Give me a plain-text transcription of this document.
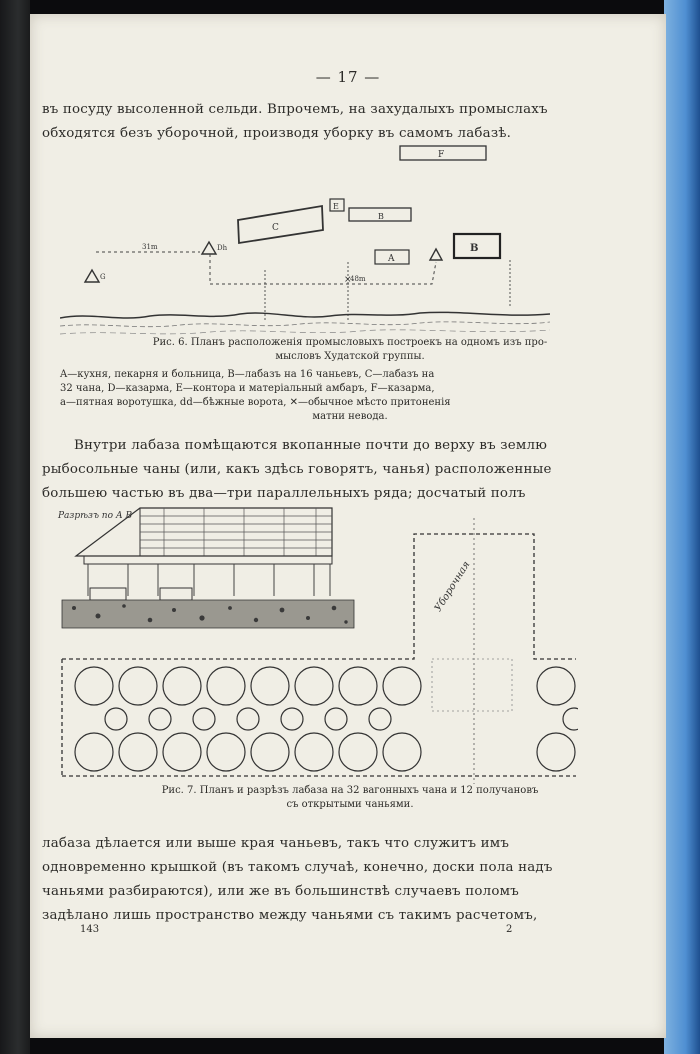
— 17 —
въ посуду высоленной сельди. Впрочемъ, на захудалыхъ промыслахъ
обходятся безъ уборочной, производя уборку въ самомъ лабазѣ.
F
E
C
B
A
B
G
Dh
31m
48m
×
Рис. 6. Планъ расположенія промысловыхъ построекъ на одномъ изъ про-
мысловъ Худатской группы.
A—кухня, пекарня и больница, B—лабазъ на 16 чаньевъ, C—лабазъ на
32 чана, D—казарма, E—контора и матеріальный амбаръ, F—казарма,
a—пятная воротушка, dd—бѣжные ворота, ✕—обычное мѣсто притоненія
матни невода.
Внутри лабаза помѣщаются вкопанные почти до верху въ землю
рыбосольные чаны (или, какъ здѣсь говорятъ, чанья) расположенные
большею частью въ два—три параллельныхъ ряда; досчатый полъ
Разрѣзъ по А В
Уборочная
Рис. 7. Планъ и разрѣзъ лабаза на 32 вагонныхъ чана и 12 получановъ
съ открытыми чаньями.
лабаза дѣлается или выше края чаньевъ, такъ что служитъ имъ
одновременно крышкой (въ такомъ случаѣ, конечно, доски пола надъ
чаньями разбираются), или же въ большинствѣ случаевъ поломъ
задѣлано лишь пространство между чаньями съ такимъ расчетомъ,
143	2
